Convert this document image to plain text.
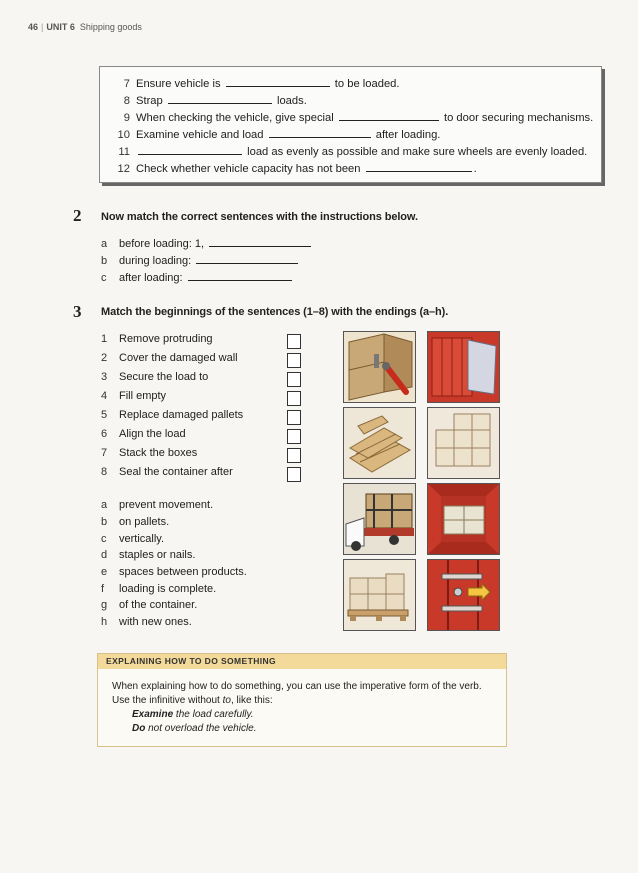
46 | UNIT 6 Shipping goods
7 Ensure vehicle is	to be loaded.
8 Strap	loads.
9 When checking the vehicle, give special	to door securing mechanisms.
10 Examine vehicle and load	after loading.
11	load as evenly as possible and make sure wheels are evenly loaded.
12 Check whether vehicle capacity has not been	.
2 Now match the correct sentences with the instructions below.
a before loading: 1,
b during loading:
c after loading:
3 Match the beginnings of the sentences (1–8) with the endings (a–h).
1 Remove protruding
2 Cover the damaged wall
3 Secure the load to
4 Fill empty
5 Replace damaged pallets
6 Align the load
7 Stack the boxes
8 Seal the container after
a prevent movement.
b on pallets.
c vertically.
d staples or nails.
e spaces between products.
f loading is complete.
g of the container.
h with new ones.
EXPLAINING HOW TO DO SOMETHING
When explaining how to do something, you can use the imperative form of the verb.
Use the infinitive without to, like this:
Examine the load carefully.
Do not overload the vehicle.
